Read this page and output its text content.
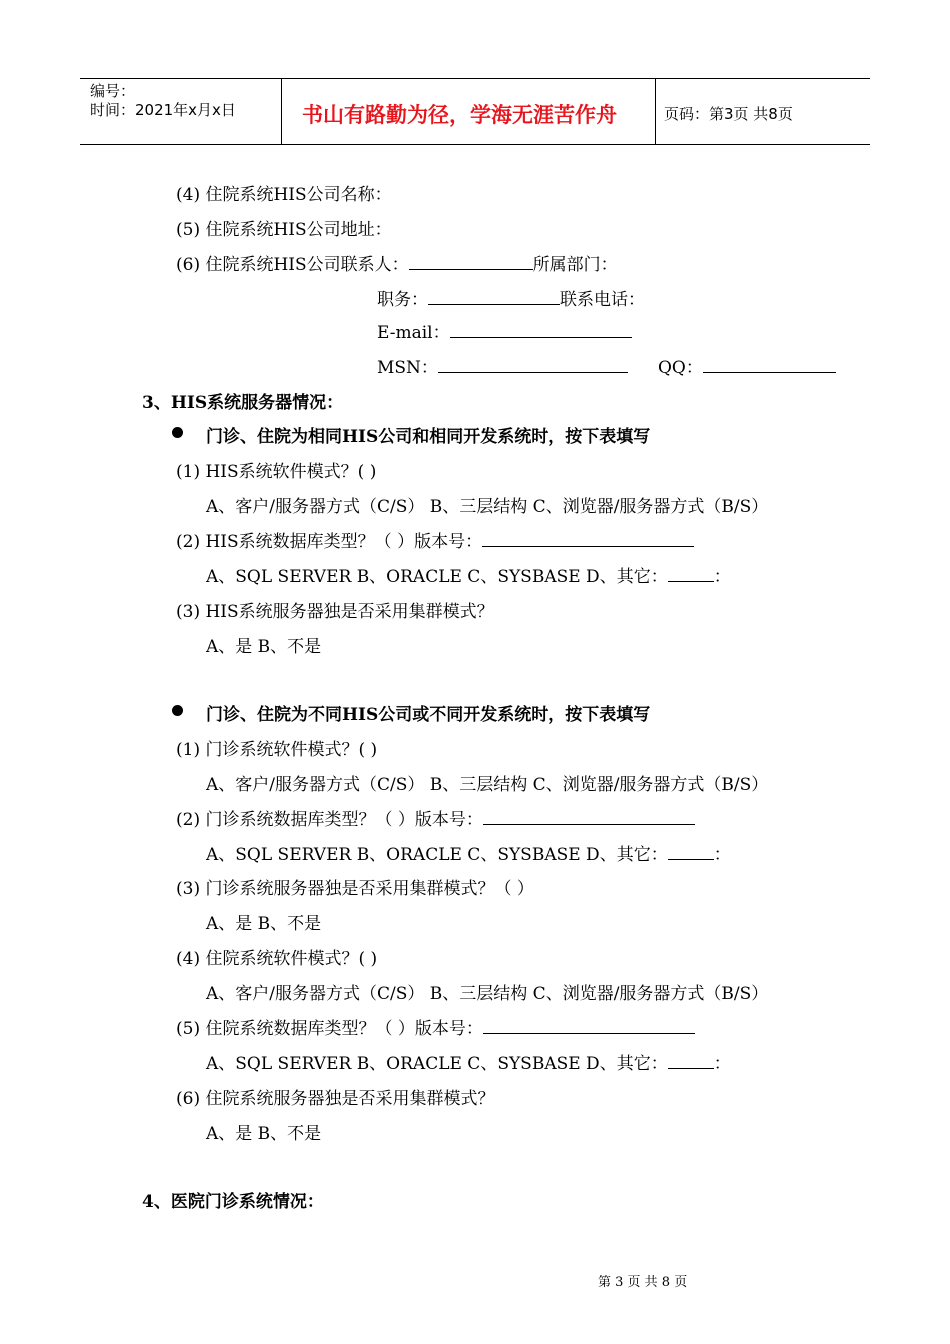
编号：
时间：2021年x月x日	书山有路勤为径，学海无涯苦作舟	页码：第3页 共8页
(4) 住院系统HIS公司名称：
(5) 住院系统HIS公司地址：
(6) 住院系统HIS公司联系人：	所属部门：
职务：	联系电话：
E-mail：
MSN：	QQ：
3、HIS系统服务器情况：
门诊、住院为相同HIS公司和相同开发系统时，按下表填写
(1) HIS系统软件模式？( )
A、客户/服务器方式（C/S） B、三层结构 C、浏览器/服务器方式（B/S）
(2) HIS系统数据库类型？（ ）版本号：
A、SQL SERVER B、ORACLE C、SYSBASE D、其它：	：
(3) HIS系统服务器独是否采用集群模式？
A、是 B、不是
门诊、住院为不同HIS公司或不同开发系统时，按下表填写
(1) 门诊系统软件模式？( )
A、客户/服务器方式（C/S） B、三层结构 C、浏览器/服务器方式（B/S）
(2) 门诊系统数据库类型？（ ）版本号：
A、SQL SERVER B、ORACLE C、SYSBASE D、其它：	：
(3) 门诊系统服务器独是否采用集群模式？（ ）
A、是 B、不是
(4) 住院系统软件模式？( )
A、客户/服务器方式（C/S） B、三层结构 C、浏览器/服务器方式（B/S）
(5) 住院系统数据库类型？（ ）版本号：
A、SQL SERVER B、ORACLE C、SYSBASE D、其它：	：
(6) 住院系统服务器独是否采用集群模式？
A、是 B、不是
4、医院门诊系统情况：
第 3 页 共 8 页
